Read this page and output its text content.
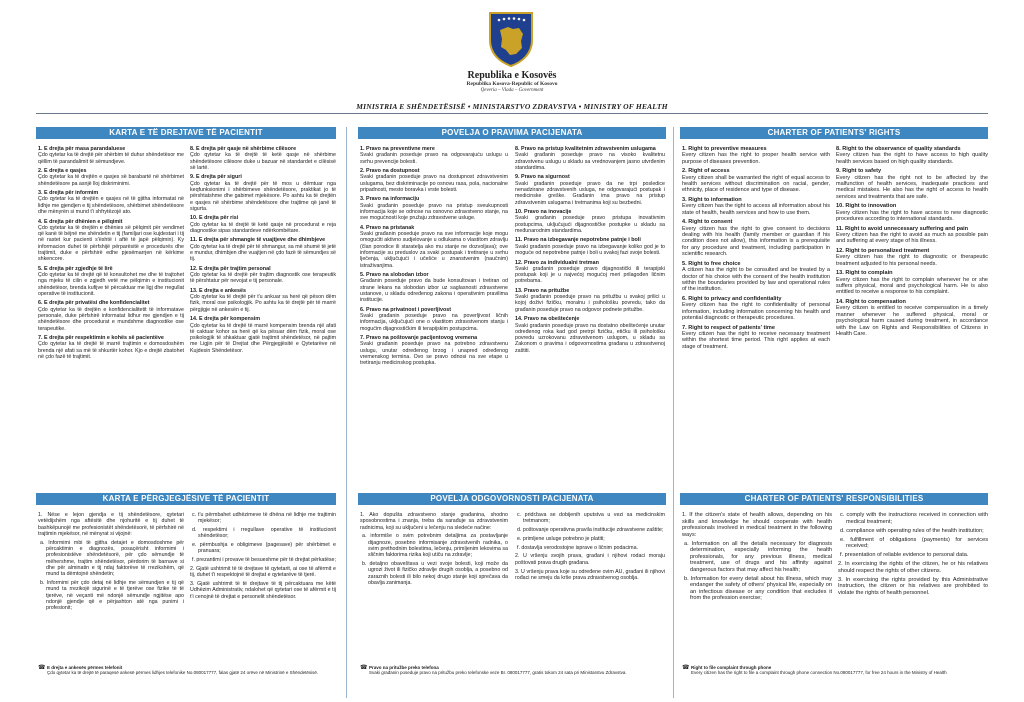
Republika e Kosovës
Republika Kosova-Republic of Kosovo
Qeveria – Vlada – Government
MINISTRIA E SHËNDETËSISË • MINISTARSTVO ZDRAVSTVA • MINISTRY OF HEALTH
KARTA E TË DREJTAVE TË PACIENTIT	POVELJA O PRAVIMA PACIJENATA	CHARTER OF PATIENTS' RIGHTS
1. E drejta për masa parandaluese

Çdo qytetar ka të drejtë për shërbim të duhur shëndetësor me qëllim të parandalimit të sëmundjeve.

2. E drejta e qasjes

Çdo qytetar ka të drejtën e qasjes së barabartë në shërbimet shëndetësore pa asnjë lloj diskriminimi.

3. E drejta për informim

Çdo qytetar ka të drejtën e qasjes në të gjitha informatat në lidhje me gjendjen e tij shëndetësore, shërbimet shëndetësore dhe mënyrën si mund t'i shfrytëzojë ato.

4. E drejta për dhënien e pëlqimit

Çdo qytetar ka të drejtën e dhënies së pëlqimit për vendimet që kanë të bëjnë me shëndetin e tij (familjari ose kujdestari i tij në rastet kur pacienti s'është i aftë të japë pëlqimin). Ky informacion duhet të përfshijë përparësitë e procedurës dhe trajtimit, duke e përfshirë edhe pjesëmarrjen në kërkime shkencore.

5. E drejta për zgjedhje të lirë

Çdo qytetar ka të drejtë që të konsultohet me dhe të trajtohet nga mjeku të cilin e zgjedh vetë me pëlqimin e institucionit shëndetësor, brenda kufijve të përcaktuar me ligj dhe rregullat operative të institucionit.

6. E drejta për privatësi dhe konfidencialitet

Çdo qytetar ka të drejtën e konfidencialitetit të informatave personale, duke përfshirë informatat lidhur me gjendjen e tij shëndetësore dhe procedurat e mundshme diagnostike ose terapeutike.

7. E drejta për respektimin e kohës së pacientëve

Çdo qytetar ka të drejtë të marrë trajtimin e domosdoshëm brenda një afati sa më të shkurtër kohor. Kjo e drejtë zbatohet në çdo fazë të trajtimit.

8. E drejta për qasje në shërbime cilësore

Çdo qytetar ka të drejtë të ketë qasje në shërbime shëndetësore cilësore duke u bazuar në standardet e cilësisë së lartë.

9. E drejta për siguri

Çdo qytetar ka të drejtë për të mos u dëmtuar nga keqfunksionimi i shërbimeve shëndetësore, praktikat jo të përshtatshme dhe gabimet mjekësore. Po ashtu ka të drejtën e qasjes në shërbime shëndetësore dhe trajtime që janë të sigurta.

10. E drejta për risi

Çdo qytetar ka të drejtë të ketë qasje në procedurat e reja diagnostike sipas standardeve ndërkombëtare.

11. E drejta për shmangie të vuajtjeve dhe dhimbjeve

Çdo qytetar ka të drejtë për të shmangur, sa më shumë të jetë e mundur, dhimbjen dhe vuajtjen në çdo fazë të sëmundjes së tij.

12. E drejta për trajtim personal

Çdo qytetar ka të drejtë për trajtim diagnostik ose terapeutik të përshtatur për nevojat e tij personale.

13. E drejta e ankesës

Çdo qytetar ka të drejtë për t'u ankuar sa herë që pëson dëm fizik, moral ose psikologjik. Po ashtu ka të drejtë për të marrë përgjigje në ankesën e tij.

14. E drejta për kompensim

Çdo qytetar ka të drejtë të marrë kompensim brenda një afati të caktuar kohor sa herë që ka pësuar dëm fizik, moral ose psikologjik të shkaktuar gjatë trajtimit shëndetësor, në pajtim me Ligjin për të Drejtat dhe Përgjegjësitë e Qytetarëve në Kujdesin Shëndetësor.

1. Pravo na preventivne mere

Svaki građanin poseduje pravo na odgovarajuću uslugu u svrhu prevencije bolesti.

2. Pravo na dostupnost

Svaki građanin poseduje pravo na dostupnost zdravstvenim uslugama, bez diskriminacije po osnovu rasa, pola, nacionalne pripadnosti, mesto boravka i vrste bolesti.

3. Pravo na informaciju

Svaki građanin poseduje pravo na pristup sveukupnosti informacija koje se odnose na osnovno zdravstveno stanje, na sve mogućnosti koje pružaju zdravstvene usluge.

4. Pravo na pristanak

Svaki građanin poseduje pravo na sve informacije koje mogu omogućiti aktivno sudjelovanje u odlukama o vlastitom zdravlju (član porodice ili staratelja ako mu stanje ne dozvoljava); ove informacije su preduslov za svaki postupak i tretiranje u svrhu lječenja, uključujući i učešće u znanstvenim (naučnim) istraživanjima.

5. Pravo na slobodan izbor

Građanin poseduje pravo da bude konsultovan i tretiran od strane lekara na slobodan izbor uz saglasnosti zdravstvene ustanove, u skladu određenog zakona i operativnim pravilima institucije.

6. Pravo na privatnost i poverljivost

Svaki građanin poseduje pravo na poverljivost ličnih informacija, uključujući one o vlastitom zdravstvenom stanju i mogućim dijagnostičkim ili terapijskim postupcima.

7. Pravo na poštovanje pacijentovog vremena

Svaki građanin poseduje pravo na potrebno zdravstvenu uslugu, unutar određenog brzog i unapred određenog vremenskog termina. Ovo se pravo odnosi na sve etape u tretiranju medicinskog postupka.

8. Pravo na pristup kvalitetnim zdravstvenim uslugama

Svaki građanin poseduje pravo na visoko kvalitetnu zdravstvenu uslugu u skladu sa vrednovanjem jasno utvrđenim standardima.

9. Pravo na sigurnost

Svaki građanin poseduje pravo da ne trpi posledice nenadzirane zdravstvenih usluga, ne odgovarajući postupak i medicinske greške. Građanin ima pravo na pristup zdravstvenim uslugama i tretmanima koji su bezbedni.

10. Pravo na inovacije

Svaki građanin poseduje pravo pristupa inovativnim postupcima, uključujući dijagnostičke postupke u skladu sa međunarodnim standardima.

11. Pravo na izbegavanje nepotrebne patnje i boli

Svaki građanin poseduje pravo na izbegavanje koliko god je to moguće od nepotrebne patnje i boli u svakoj fazi svoje bolesti.

12. Pravo za individualni tretman

Svaki građanin poseduje pravo dijagnostički ili terapijski postupak koji je u najvećoj mogućoj meri prilagođen ličnim potrebama.

13. Pravo na pritužbe

Svaki građanin poseduje pravo na pritužbu u svakoj prilici u kojoj doživi fizičku, moralnu i psihološku povredu, tako da građanin poseduje pravo na odgovor podnete pritužbe.

14. Pravo na obeštećenje

Svaki građanin poseduje pravo na dostatno obeštećenje unutar određenog roka kad god pretrpi fizičku, etičku ili psihološku povredu uzrokovanu zdravstvenom uslugom, u skladu sa Zakonom o pravima i odgovornostima građana u zdravstvenoj zaštiti.

1. Right to preventive measures

Every citizen has the right to proper health service with purpose of diseases prevention.

2. Right of access

Every citizen shall be warranted the right of equal access to health services without discrimination on racial, gender, ethnicity, place of residence and type of disease.

3. Right to information

Every citizen has the right to access all information about his state of health, health services and how to use them.

4. Right to consent

Every citizen has the right to give consent to decisions dealing with his health (family member or guardian if his condition does not allow), this information is a prerequisite for any procedure and treatment, including participation in scientific research.

5. Right to free choice

A citizen has the right to be consulted and be treated by a doctor of his choice with the consent of the health institution within the boundaries provided by law and operational rules of the institution.

6. Right to privacy and confidentiality

Every citizen has the right to confidentiality of personal information, including information concerning his health and potential diagnostic or therapeutic procedures.

7. Right to respect of patients' time

Every citizen has the right to receive necessary treatment within the shortest time period. This right applies at each stage of treatment.

8. Right to the observance of quality standards

Every citizen has the right to have access to high quality health services based on high quality standards.

9. Right to safety

Every citizen has the right not to be affected by the malfunction of health services, inadequate practices and medical mistakes. He also has the right of access to health services and treatments that are safe.

10. Right to innovation

Every citizen has the right to have access to new diagnostic procedures according to international standards.

11. Right to avoid unnecessary suffering and pain

Every citizen has the right to avoid as much as possible pain and suffering at every stage of his illness.

12. Right to personalized treatment

Every citizen has the right to diagnostic or therapeutic treatment adjusted to his personal needs.

13. Right to complain

Every citizen has the right to complain whenever he or she suffers physical, moral and psychological harm. He is also entitled to receive a response to his complaint.

14. Right to compensation

Every citizen is entitled to receive compensation in a timely manner whenever he suffered physical, moral or psychological harm caused during treatment, in accordance with the Law on Rights and Responsibilities of Citizens in Health Care.

KARTA E PËRGJEGJËSIVE TË PACIENTIT	POVELJA ODGOVORNOSTI PACIJENATA	CHARTER OF PATIENTS' RESPONSIBILITIES

1. Nëse e lejon gjendja e tij shëndetësore, qytetari vetëdijshëm nga aftësitë dhe njohuritë e tij duhet të bashkëpunojë me profesionistët shëndetësorë, të përfshirë në trajtimin mjekësor, në mënyrat si vijojnë:

a. Informimi mbi të gjitha detajet e domosdoshme për përcaktimin e diagnozës, posaçërisht informimi i profesionistëve shëndetësorë, për çdo sëmundje të mëhershme, trajtim shëndetësor, përdorim të barnave si dhe për alminatin e tij ndaj faktorëve të rrezikshëm, që mund ta dëmtojnë shëndetin;

b. Informimi për çdo detaj në lidhje me sëmundjen e tij që mund ta rrezikojë sigurinë e të tjerëve ose fizike të të tjerëve, në veçanti më ndonjë sëmundje ngjitëse apo ndonjë gjendje që e përjashton atë nga punimi i profesionit;

c. t'u përmbahet udhëzimeve të dhëna në lidhje me trajtimin mjekësor;

d. respektimi i rregullave operative të institucionit shëndetësor;

e. përmbushja e obligimeve (pagesave) për shërbimet e pranuara;

f. prezantimi i provave të besueshme për të drejtat përkatëse;

2. Gjatë ushtrimit të të drejtave të qytetarit, ai ose të afërmit e tij, duhet t'i respektojnë të drejtat e qytetarëve të tjerë.

3. Gjatë ushtrimit të të drejtave të tij përcaktuara me këtë Udhëzim Administrativ, ndalohet që qytetari ose të afërmit e tij t'i cenojnë të drejtat e personelit shëndetësor.

1. Ako dopušta zdravstveno stanje građanina, shodno sposobnostima i znanja, treba da sarađuje sa zdravstvenim radnicima, koji su uključeni u lečenju na sledeće načine:

a. informiše o svim potrebnim detaljima za postavljanje dijagnoze, posebno informisanje zdravstvenih radnika, o svim prethodnim bolestima, lečenju, primljenim lekovima sa sličnim faktorima rizika koji utiču na zdravlje;

b. detaljno obaveštava u vezi svoje bolesti, koji može da ugrozi život ili fizičko zdravlje drugih osoblja, a posebno od zaraznih bolesti ili bilo nekoj drugo stanje koji sprečava da obavlja zanimanja.

c. pridržava se dobijenih uputstva u vezi sa medicinskim tretmanom;

d. poštovanje operativna pravila institucije zdravstvene zaštite;

e. primljene usluge potrebno je platiti;

f. dostavlja verodostojne isprave o ličnim podacima.

2. U vršenju svojih prava, građani i njihovi rodaci moraju poštovati prava drugih građana.

3. U vršenju prava koje su određene ovim AU, građani ili njihovi rođaci ne smeju da krše prava zdravstvenog osoblja.

1. If the citizen's state of health allows, depending on his skills and knowledge he should cooperate with health professionals involved in medical treatment in the following ways:

a. Information on all the details necessary for diagnosis determination, especially informing the health professionals, for any previous illness, medical treatment, use of drugs and his affinity against dangerous factors that may affect his health;

b. Information for every detail about his illness, which may endanger the safety of others' physical life, especially on an infectious disease or any condition that excludes it from the profession exercise;

c. comply with the instructions received in connection with medical treatment;

d. compliance with operating rules of the health institution;

e. fulfillment of obligations (payments) for services received;

f. presentation of reliable evidence to personal data.

2. In exercising the rights of the citizen, he or his relatives should respect the rights of other citizens.

3. In exercising the rights provided by this Administrative Instruction, the citizen or his relatives are prohibited to violate the rights of health personnel.

☎ E drejta e ankesës përmes telefonit
Çdo qytetar ka të drejtë të paraqesë ankesë përmes lidhjes telefonike No.080017777, falas gjatë 24 orëve në Ministrinë e Shëndetësisë.
☎ Pravo na pritužbe preko telefona
Svaki građanin poseduje pravo na pritužbu preko telefonske veze Br. 080017777, gratis tokom 24 sata pri Ministarstvu Zdravstva.
☎ Right to file complaint through phone
Every citizen has the right to file a complaint through phone connection No.080017777, for free 24 hours in the Ministry of Health
